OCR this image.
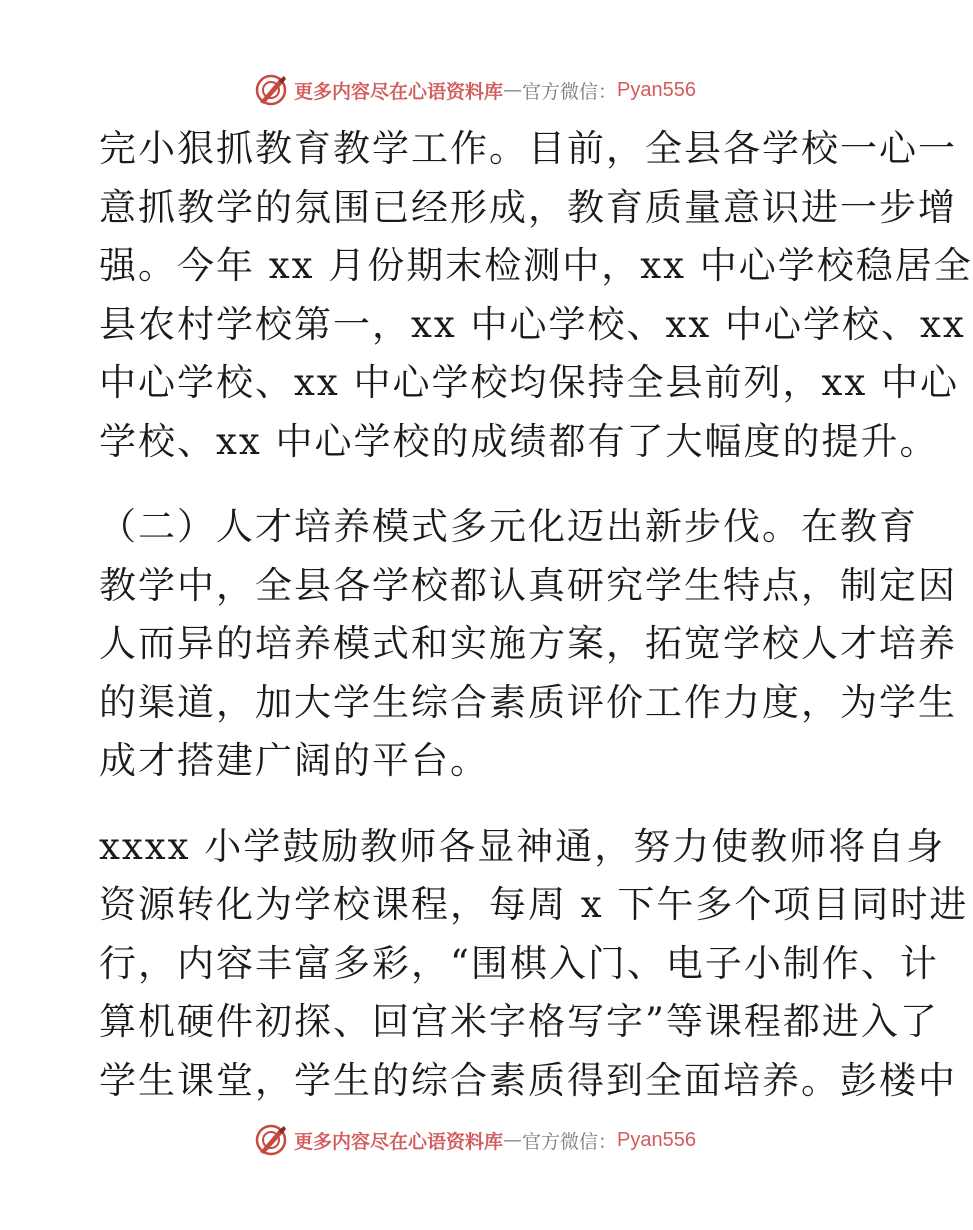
更多内容尽在心语资料库 — 官方微信： Pyan556

完小狠抓教育教学工作。目前，全县各学校一心一
意抓教学的氛围已经形成，教育质量意识进一步增
强。今年 xx 月份期末检测中，xx 中心学校稳居全
县农村学校第一，xx 中心学校、xx 中心学校、xx
中心学校、xx 中心学校均保持全县前列，xx 中心
学校、xx 中心学校的成绩都有了大幅度的提升。

（二）人才培养模式多元化迈出新步伐。在教育
教学中，全县各学校都认真研究学生特点，制定因
人而异的培养模式和实施方案，拓宽学校人才培养
的渠道，加大学生综合素质评价工作力度，为学生
成才搭建广阔的平台。

xxxx 小学鼓励教师各显神通，努力使教师将自身
资源转化为学校课程，每周 x 下午多个项目同时进
行，内容丰富多彩，“围棋入门、电子小制作、计
算机硬件初探、回宫米字格写字”等课程都进入了
学生课堂，学生的综合素质得到全面培养。彭楼中

更多内容尽在心语资料库 — 官方微信： Pyan556
